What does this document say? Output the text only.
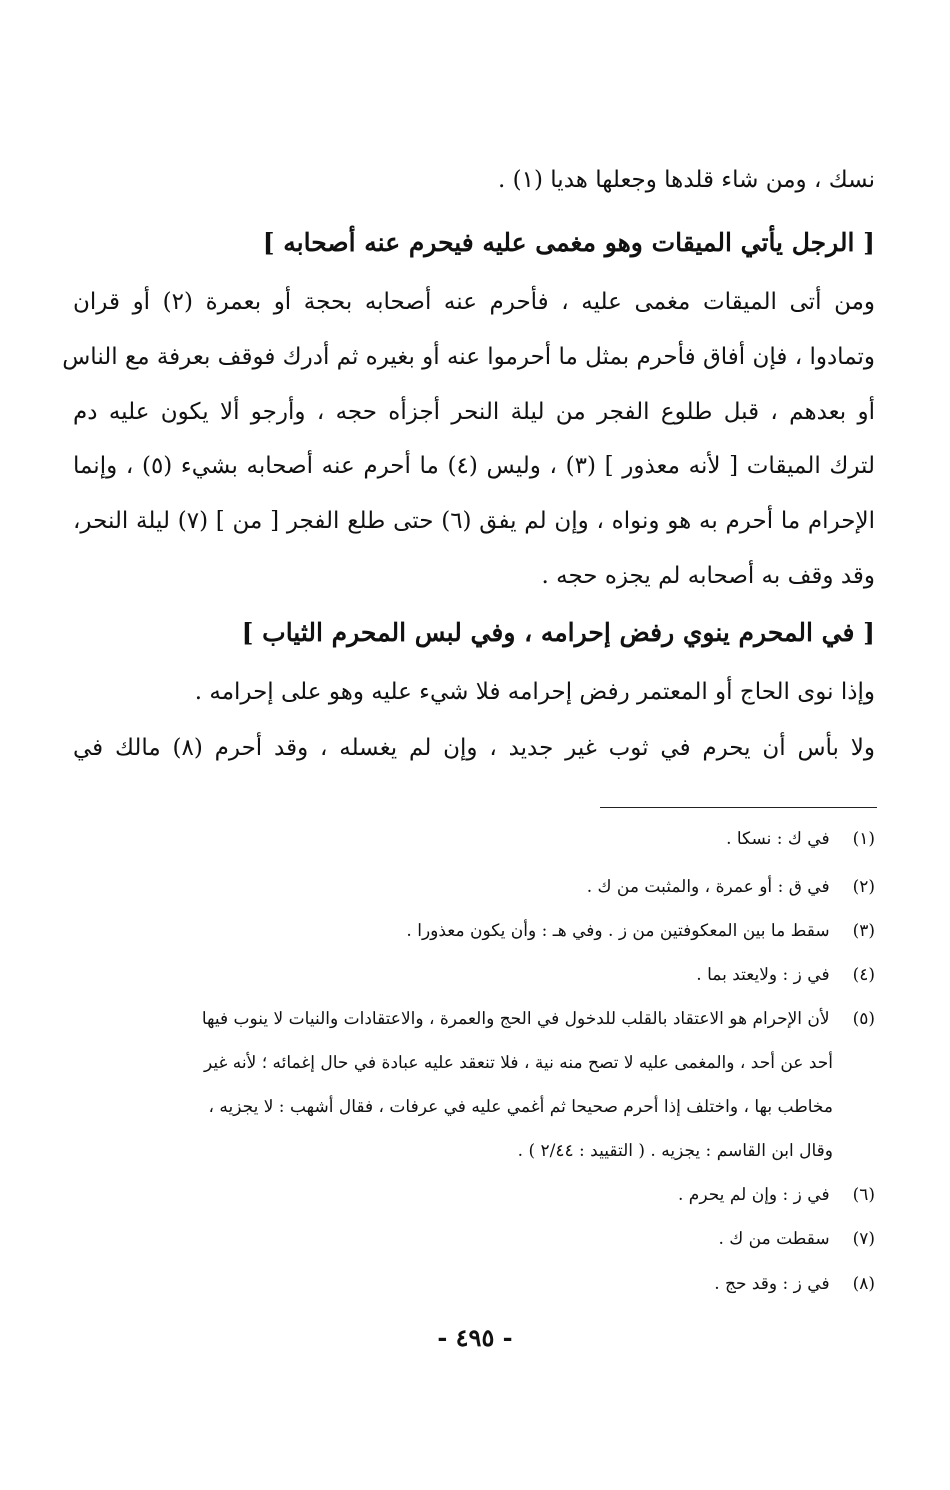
نسك ، ومن شاء قلدها وجعلها هديا (١) .
[ الرجل يأتي الميقات وهو مغمى عليه فيحرم عنه أصحابه ]
ومن أتى الميقات مغمى عليه ، فأحرم عنه أصحابه بحجة أو بعمرة (٢) أو قران
وتمادوا ، فإن أفاق فأحرم بمثل ما أحرموا عنه أو بغيره ثم أدرك فوقف بعرفة مع الناس
أو بعدهم ، قبل طلوع الفجر من ليلة النحر أجزأه حجه ، وأرجو ألا يكون عليه دم
لترك الميقات [ لأنه معذور ] (٣) ، وليس (٤) ما أحرم عنه أصحابه بشيء (٥) ، وإنما
الإحرام ما أحرم به هو ونواه ، وإن لم يفق (٦) حتى طلع الفجر [ من ] (٧) ليلة النحر،
وقد وقف به أصحابه لم يجزه حجه .
[ في المحرم ينوي رفض إحرامه ، وفي لبس المحرم الثياب ]
وإذا نوى الحاج أو المعتمر رفض إحرامه فلا شيء عليه وهو على إحرامه .
ولا بأس أن يحرم في ثوب غير جديد ، وإن لم يغسله ، وقد أحرم (٨) مالك في
(١) في ك : نسكا .
(٢) في ق : أو عمرة ، والمثبت من ك .
(٣) سقط ما بين المعكوفتين من ز . وفي هـ : وأن يكون معذورا .
(٤) في ز : ولايعتد بما .
(٥) لأن الإحرام هو الاعتقاد بالقلب للدخول في الحج والعمرة ، والاعتقادات والنيات لا ينوب فيها
أحد عن أحد ، والمغمى عليه لا تصح منه نية ، فلا تنعقد عليه عبادة في حال إغمائه ؛ لأنه غير
مخاطب بها ، واختلف إذا أحرم صحيحا ثم أغمي عليه في عرفات ، فقال أشهب : لا يجزيه ،
وقال ابن القاسم : يجزيه . ( التقييد : ٢/٤٤ ) .
(٦) في ز : وإن لم يحرم .
(٧) سقطت من ك .
(٨) في ز : وقد حج .
- ٤٩٥ -
